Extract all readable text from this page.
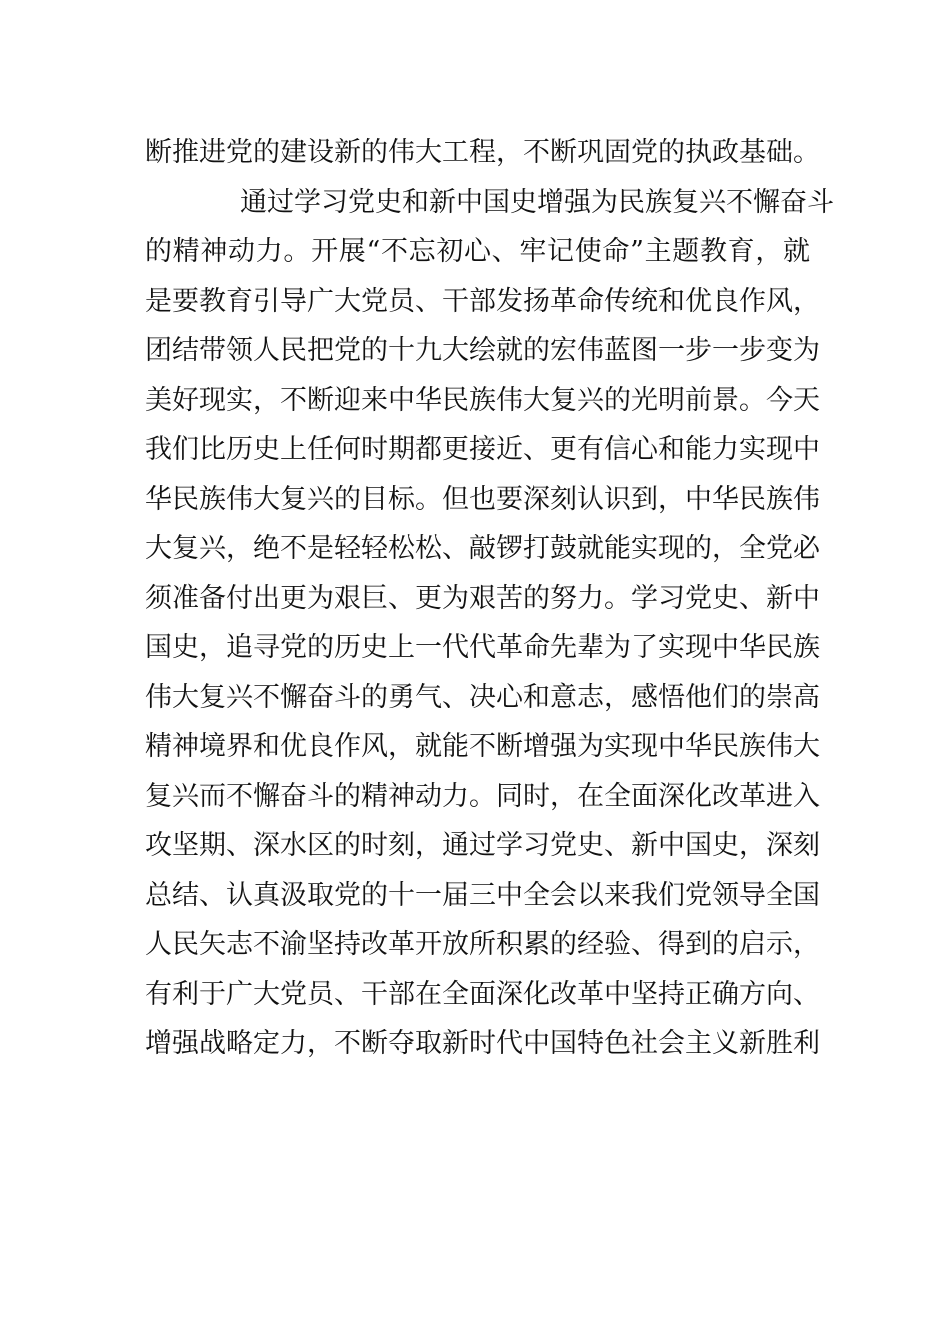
断推进党的建设新的伟大工程，不断巩固党的执政基础。
通过学习党史和新中国史增强为民族复兴不懈奋斗
的精神动力。开展“不忘初心、牢记使命”主题教育，就
是要教育引导广大党员、干部发扬革命传统和优良作风，
团结带领人民把党的十九大绘就的宏伟蓝图一步一步变为
美好现实，不断迎来中华民族伟大复兴的光明前景。今天
我们比历史上任何时期都更接近、更有信心和能力实现中
华民族伟大复兴的目标。但也要深刻认识到，中华民族伟
大复兴，绝不是轻轻松松、敲锣打鼓就能实现的，全党必
须准备付出更为艰巨、更为艰苦的努力。学习党史、新中
国史，追寻党的历史上一代代革命先辈为了实现中华民族
伟大复兴不懈奋斗的勇气、决心和意志，感悟他们的崇高
精神境界和优良作风，就能不断增强为实现中华民族伟大
复兴而不懈奋斗的精神动力。同时，在全面深化改革进入
攻坚期、深水区的时刻，通过学习党史、新中国史，深刻
总结、认真汲取党的十一届三中全会以来我们党领导全国
人民矢志不渝坚持改革开放所积累的经验、得到的启示，
有利于广大党员、干部在全面深化改革中坚持正确方向、
增强战略定力，不断夺取新时代中国特色社会主义新胜利
